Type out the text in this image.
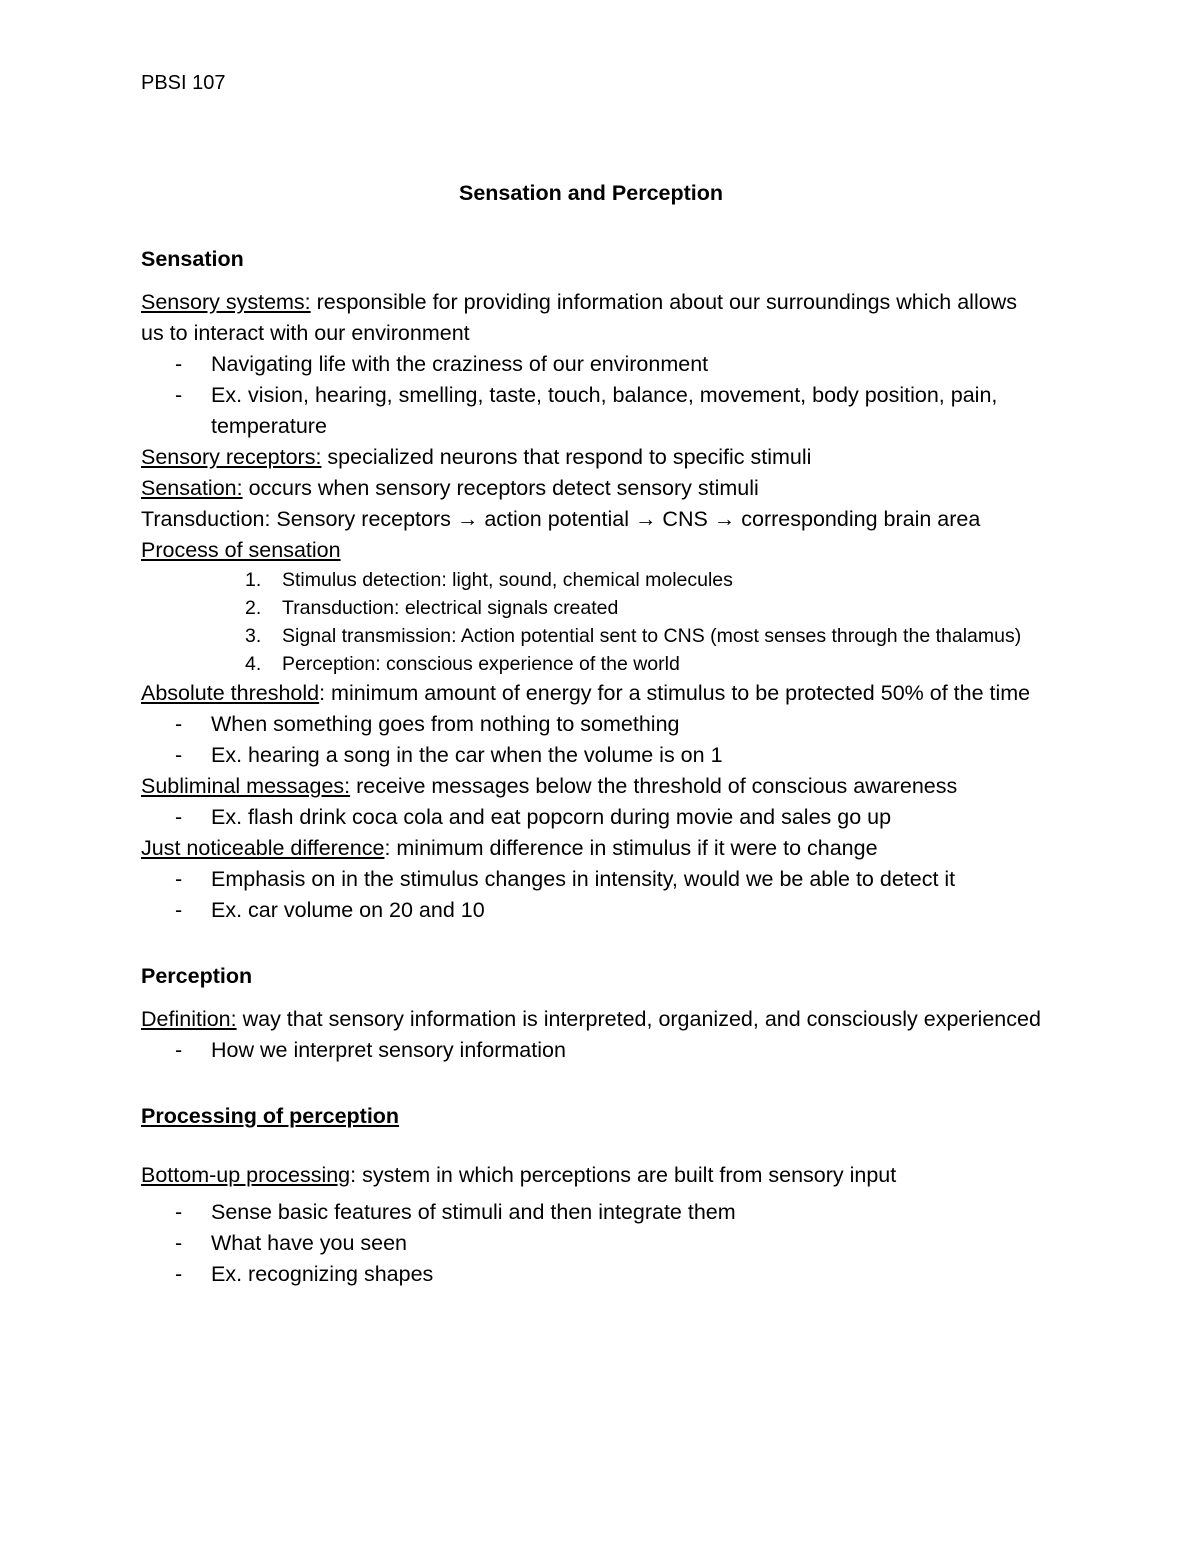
PBSI 107
Sensation and Perception
Sensation

Sensory systems: responsible for providing information about our surroundings which allows us to interact with our environment

- Navigating life with the craziness of our environment
- Ex. vision, hearing, smelling, taste, touch, balance, movement, body position, pain, temperature

Sensory receptors: specialized neurons that respond to specific stimuli

Sensation: occurs when sensory receptors detect sensory stimuli

Transduction: Sensory receptors → action potential → CNS → corresponding brain area

Process of sensation

1. Stimulus detection: light, sound, chemical molecules
2. Transduction: electrical signals created
3. Signal transmission: Action potential sent to CNS (most senses through the thalamus)
4. Perception: conscious experience of the world

Absolute threshold: minimum amount of energy for a stimulus to be protected 50% of the time

- When something goes from nothing to something
- Ex. hearing a song in the car when the volume is on 1

Subliminal messages: receive messages below the threshold of conscious awareness

- Ex. flash drink coca cola and eat popcorn during movie and sales go up

Just noticeable difference: minimum difference in stimulus if it were to change

- Emphasis on in the stimulus changes in intensity, would we be able to detect it
- Ex. car volume on 20 and 10
Perception

Definition: way that sensory information is interpreted, organized, and consciously experienced

- How we interpret sensory information
Processing of perception

Bottom-up processing: system in which perceptions are built from sensory input

- Sense basic features of stimuli and then integrate them
- What have you seen
- Ex. recognizing shapes
